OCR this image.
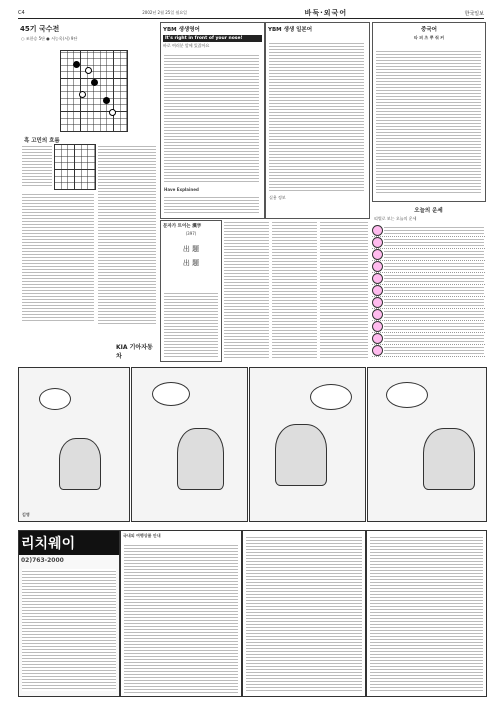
C4	2002년 2월 25일 월요일	바둑·외국어	한국일보
45기 국수전
○ 조한승 5단 ● 서능욱(서) 9단
흑 고민의 흐름
KIA 기아자동차
YBM 생생영어
It's right in front of your nose!
바로 여러분 앞에 있잖아요
Have Explained
YBM 생생 일본어
실용 정보
중국어
타 퍼 츠 뿌 줘 커
문자가 트이는 漢字
(397)
出 題
出 題
오늘의 운세
띠별로 보는 오늘의 운세
김영
리치웨이
02)763-2000
국내외 여행상품 안내
